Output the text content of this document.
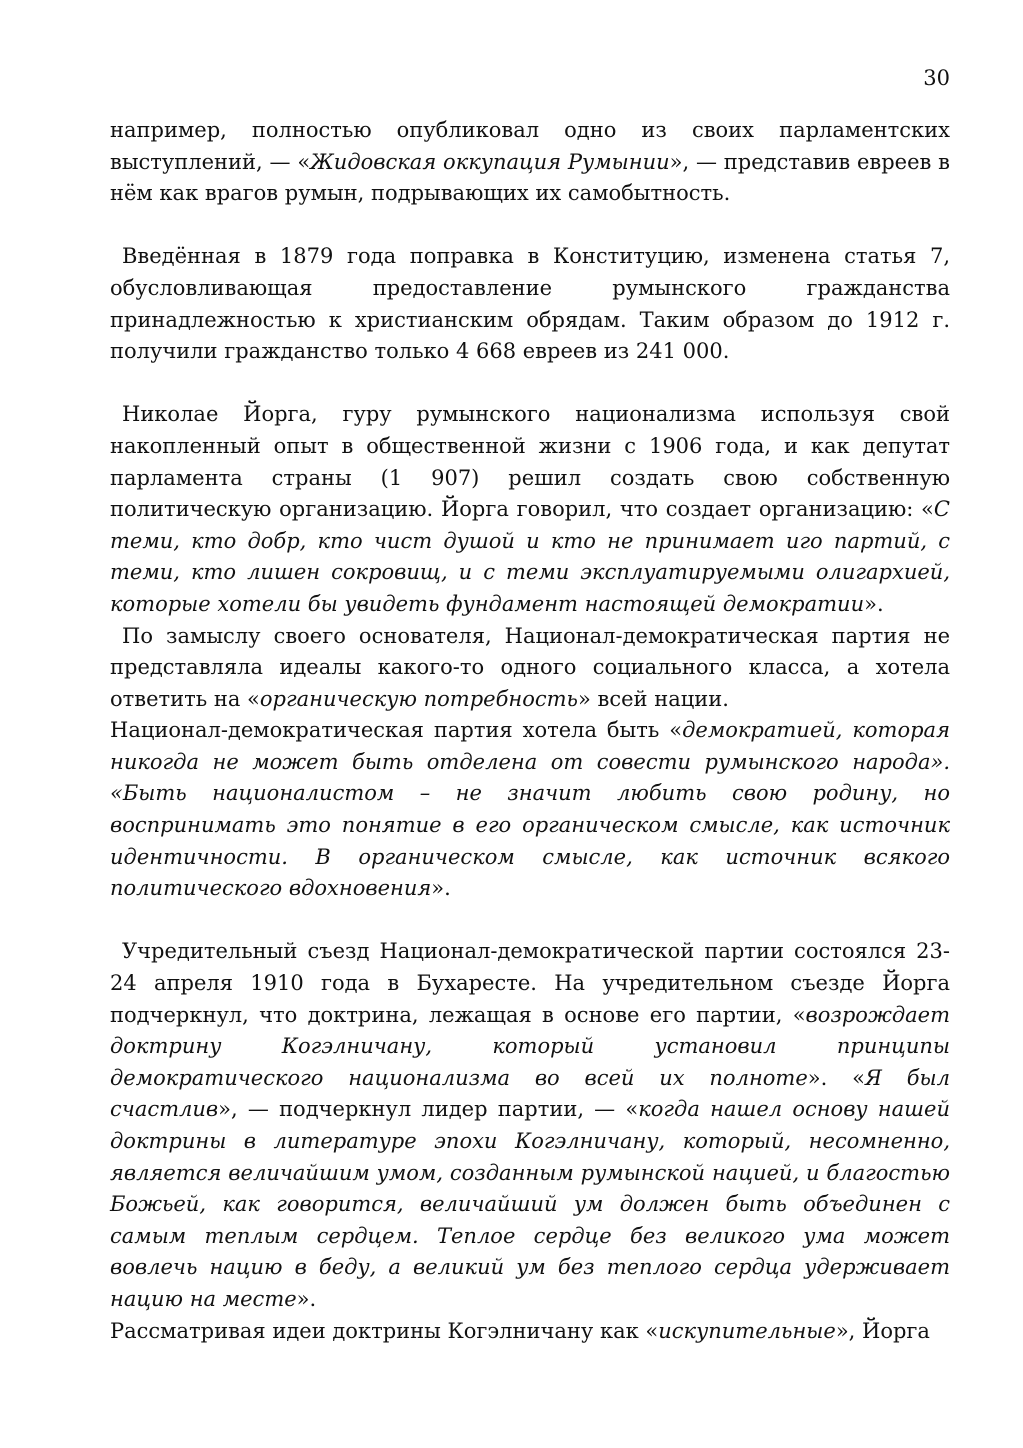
30

например, полностью опубликовал одно из своих парламентских выступлений, — «Жидовская оккупация Румынии», — представив евреев в нём как врагов румын, подрывающих их самобытность.

Введённая в 1879 года поправка в Конституцию, изменена статья 7, обусловливающая предоставление румынского гражданства принадлежностью к христианским обрядам. Таким образом до 1912 г. получили гражданство только 4 668 евреев из 241 000.

Николае Йорга, гуру румынского национализма используя свой накопленный опыт в общественной жизни с 1906 года, и как депутат парламента страны (1 907) решил создать свою собственную политическую организацию. Йорга говорил, что создает организацию: «С теми, кто добр, кто чист душой и кто не принимает иго партий, с теми, кто лишен сокровищ, и с теми эксплуатируемыми олигархией, которые хотели бы увидеть фундамент настоящей демократии».

По замыслу своего основателя, Национал-демократическая партия не представляла идеалы какого-то одного социального класса, а хотела ответить на «органическую потребность» всей нации.

Национал-демократическая партия хотела быть «демократией, которая никогда не может быть отделена от совести румынского народа». «Быть националистом – не значит любить свою родину, но воспринимать это понятие в его органическом смысле, как источник идентичности. В органическом смысле, как источник всякого политического вдохновения».

Учредительный съезд Национал-демократической партии состоялся 23-24 апреля 1910 года в Бухаресте. На учредительном съезде Йорга подчеркнул, что доктрина, лежащая в основе его партии, «возрождает доктрину Когэлничану, который установил принципы демократического национализма во всей их полноте». «Я был счастлив», — подчеркнул лидер партии, — «когда нашел основу нашей доктрины в литературе эпохи Когэлничану, который, несомненно, является величайшим умом, созданным румынской нацией, и благостью Божьей, как говорится, величайший ум должен быть объединен с самым теплым сердцем. Теплое сердце без великого ума может вовлечь нацию в беду, а великий ум без теплого сердца удерживает нацию на месте».

Рассматривая идеи доктрины Когэлничану как «искупительные», Йорга
